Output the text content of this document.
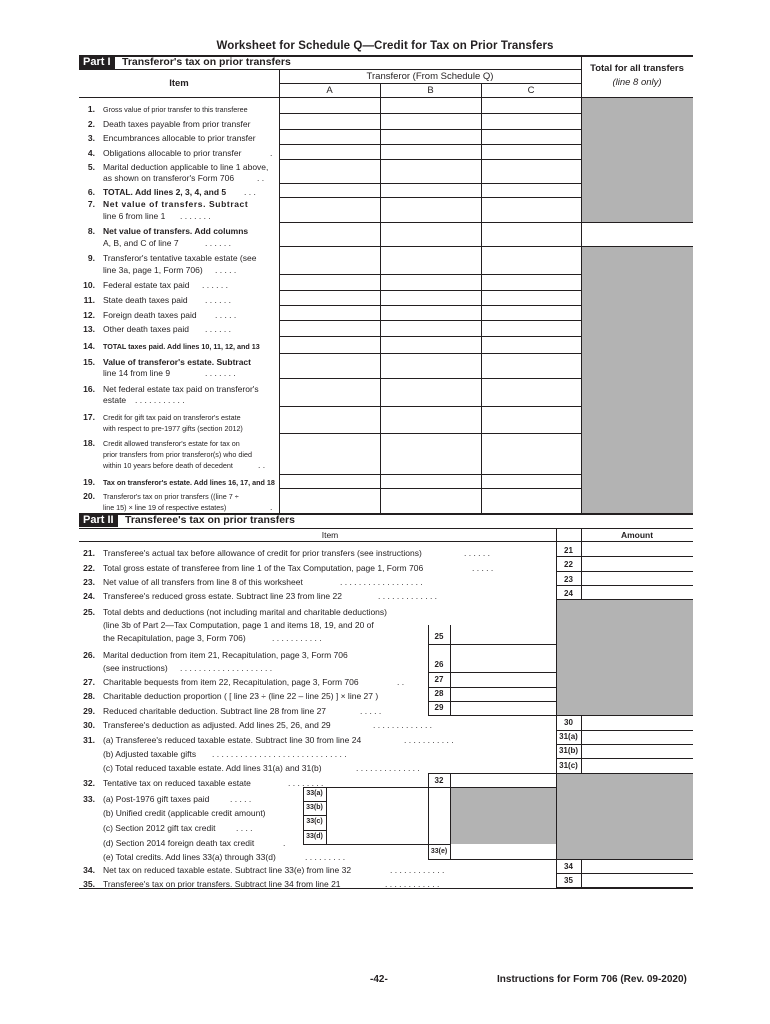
Worksheet for Schedule Q—Credit for Tax on Prior Transfers
Part I	Transferor's tax on prior transfers
Item
Transferor (From Schedule Q)
A	B	C
Total for all transfers
(line 8 only)
1. Gross value of prior transfer to this transferee
2. Death taxes payable from prior transfer
3. Encumbrances allocable to prior transfer
4. Obligations allocable to prior transfer	.
5. Marital deduction applicable to line 1 above,
as shown on transferor's Form 706	. .
6. TOTAL. Add lines 2, 3, 4, and 5 . . .
7. Net value of transfers. Subtract
line 6 from line 1 . . . . . . .
8. Net value of transfers. Add columns
A, B, and C of line 7	. . . . . .
9. Transferor's tentative taxable estate (see
line 3a, page 1, Form 706) . . . . .
10. Federal estate tax paid . . . . . .
11. State death taxes paid . . . . . .
12. Foreign death taxes paid . . . . .
13. Other death taxes paid . . . . . .
14. TOTAL taxes paid. Add lines 10, 11, 12, and 13
15. Value of transferor's estate. Subtract
line 14 from line 9	. . . . . . .
16. Net federal estate tax paid on transferor's
estate . . . . . . . . . . .
17. Credit for gift tax paid on transferor's estate
with respect to pre-1977 gifts (section 2012)
18. Credit allowed transferor's estate for tax on
prior transfers from prior transferor(s) who died
within 10 years before death of decedent	. .
19. Tax on transferor's estate. Add lines 16, 17, and 18
20. Transferor's tax on prior transfers ((line 7 ÷
line 15) × line 19 of respective estates)	.
Part II	Transferee's tax on prior transfers
Item	Amount
21. Transferee's actual tax before allowance of credit for prior transfers (see instructions)	. . . . . .	21
22. Total gross estate of transferee from line 1 of the Tax Computation, page 1, Form 706	. . . . .	22
23. Net value of all transfers from line 8 of this worksheet	. . . . . . . . . . . . . . . . . .	23
24. Transferee's reduced gross estate. Subtract line 23 from line 22	. . . . . . . . . . . . .	24
25. Total debts and deductions (not including marital and charitable deductions)
(line 3b of Part 2—Tax Computation, page 1 and items 18, 19, and 20 of
the Recapitulation, page 3, Form 706)	. . . . . . . . . . .	25
26. Marital deduction from item 21, Recapitulation, page 3, Form 706
(see instructions) . . . . . . . . . . . . . . . . . . . .	26
27. Charitable bequests from item 22, Recapitulation, page 3, Form 706	. .	27
28. Charitable deduction proportion ( [ line 23 ÷ (line 22 – line 25) ] × line 27 )	28
29. Reduced charitable deduction. Subtract line 28 from line 27	. . . . .	29
30. Transferee's deduction as adjusted. Add lines 25, 26, and 29	. . . . . . . . . . . . .	30
31. (a) Transferee's reduced taxable estate. Subtract line 30 from line 24	. . . . . . . . . . .	31(a)
(b) Adjusted taxable gifts . . . . . . . . . . . . . . . . . . . . . . . . . . . . .	31(b)
(c) Total reduced taxable estate. Add lines 31(a) and 31(b)	. . . . . . . . . . . . . .	31(c)
32. Tentative tax on reduced taxable estate	. . . . . . . .	32
33. (a) Post-1976 gift taxes paid . . . . .
33(a)
(b) Unified credit (applicable credit amount)
33(b)
(c) Section 2012 gift tax credit . . . .
33(c)
(d) Section 2014 foreign death tax credit	.
33(d)
(e) Total credits. Add lines 33(a) through 33(d)	. . . . . . . . .
33(e)
34. Net tax on reduced taxable estate. Subtract line 33(e) from line 32	. . . . . . . . . . . .	34
35. Transferee's tax on prior transfers. Subtract line 34 from line 21	. . . . . . . . . . . .	35
-42-	Instructions for Form 706 (Rev. 09-2020)
